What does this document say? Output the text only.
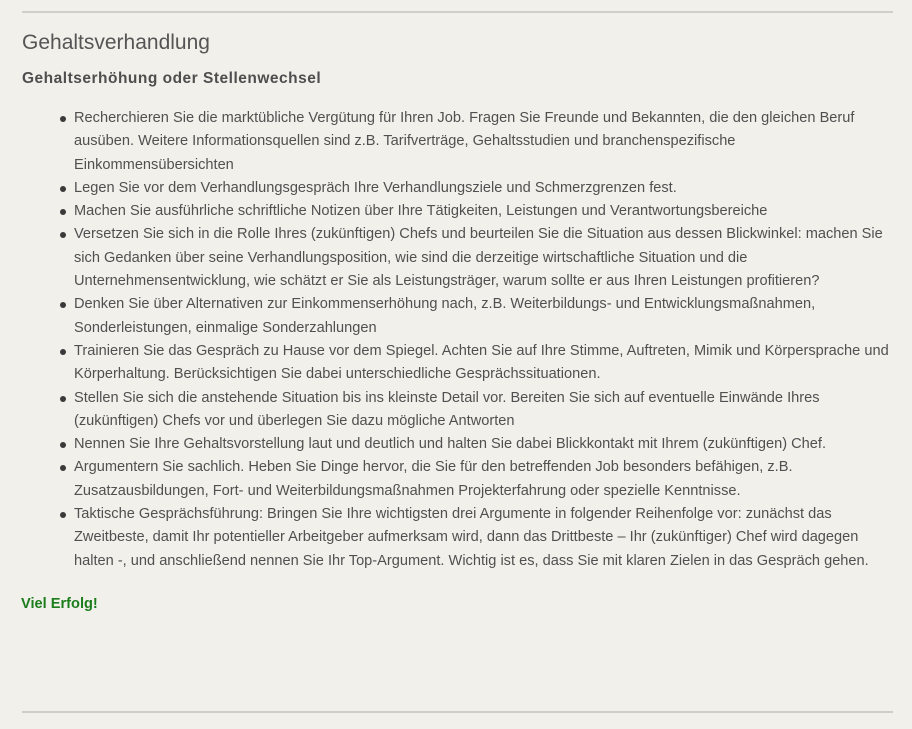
Gehaltsverhandlung
Gehaltserhöhung oder Stellenwechsel
Recherchieren Sie die marktübliche Vergütung für Ihren Job. Fragen Sie Freunde und Bekannten, die den gleichen Beruf ausüben. Weitere Informationsquellen sind z.B. Tarifverträge, Gehaltsstudien und branchenspezifische Einkommensübersichten
Legen Sie vor dem Verhandlungsgespräch Ihre Verhandlungsziele und Schmerzgrenzen fest.
Machen Sie ausführliche schriftliche Notizen über Ihre Tätigkeiten, Leistungen und Verantwortungsbereiche
Versetzen Sie sich in die Rolle Ihres (zukünftigen) Chefs und beurteilen Sie die Situation aus dessen Blickwinkel: machen Sie sich Gedanken über seine Verhandlungsposition, wie sind die derzeitige wirtschaftliche Situation und die Unternehmensentwicklung, wie schätzt er Sie als Leistungsträger, warum sollte er aus Ihren Leistungen profitieren?
Denken Sie über Alternativen zur Einkommenserhöhung nach, z.B. Weiterbildungs- und Entwicklungsmaßnahmen, Sonderleistungen, einmalige Sonderzahlungen
Trainieren Sie das Gespräch zu Hause vor dem Spiegel. Achten Sie auf Ihre Stimme, Auftreten, Mimik und Körpersprache und Körperhaltung. Berücksichtigen Sie dabei unterschiedliche Gesprächssituationen.
Stellen Sie sich die anstehende Situation bis ins kleinste Detail vor. Bereiten Sie sich auf eventuelle Einwände Ihres (zukünftigen) Chefs vor und überlegen Sie dazu mögliche Antworten
Nennen Sie Ihre Gehaltsvorstellung laut und deutlich und halten Sie dabei Blickkontakt mit Ihrem (zukünftigen) Chef.
Argumentern Sie sachlich. Heben Sie Dinge hervor, die Sie für den betreffenden Job besonders befähigen, z.B. Zusatzausbildungen, Fort- und Weiterbildungsmaßnahmen Projekterfahrung oder spezielle Kenntnisse.
Taktische Gesprächsführung: Bringen Sie Ihre wichtigsten drei Argumente in folgender Reihenfolge vor: zunächst das Zweitbeste, damit Ihr potentieller Arbeitgeber aufmerksam wird, dann das Drittbeste – Ihr (zukünftiger) Chef wird dagegen halten -, und anschließend nennen Sie Ihr Top-Argument. Wichtig ist es, dass Sie mit klaren Zielen in das Gespräch gehen.
Viel Erfolg!
